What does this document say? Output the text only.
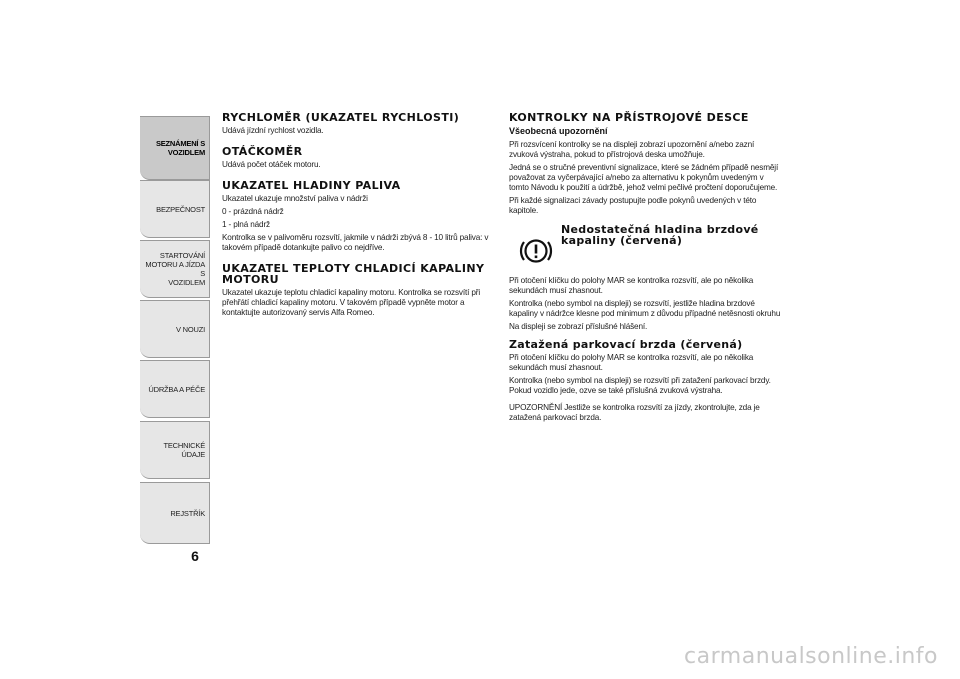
SEZNÁMENÍ S
VOZIDLEM
BEZPEČNOST
STARTOVÁNÍ
MOTORU A JÍZDA S
VOZIDLEM
V NOUZI
ÚDRŽBA A PÉČE
TECHNICKÉ ÚDAJE
REJSTŘÍK
6
RYCHLOMĚR (UKAZATEL RYCHLOSTI)

Udává jízdní rychlost vozidla.

OTÁČKOMĚR

Udává počet otáček motoru.

UKAZATEL HLADINY PALIVA

Ukazatel ukazuje množství paliva v nádrži

0 - prázdná nádrž

1 - plná nádrž

Kontrolka se v palivoměru rozsvítí, jakmile v nádrži zbývá 8 - 10 litrů paliva: v takovém případě dotankujte palivo co nejdříve.

UKAZATEL TEPLOTY CHLADICÍ KAPALINY MOTORU

Ukazatel ukazuje teplotu chladicí kapaliny motoru. Kontrolka se rozsvítí při přehřátí chladicí kapaliny motoru. V takovém případě vypněte motor a kontaktujte autorizovaný servis Alfa Romeo.

KONTROLKY NA PŘÍSTROJOVÉ DESCE
Všeobecná upozornění

Při rozsvícení kontrolky se na displeji zobrazí upozornění a/nebo zazní zvuková výstraha, pokud to přístrojová deska umožňuje.

Jedná se o stručné preventivní signalizace, které se žádném případě nesmějí považovat za vyčerpávající a/nebo za alternativu k pokynům uvedeným v tomto Návodu k použití a údržbě, jehož velmi pečlivé pročtení doporučujeme.

Při každé signalizaci závady postupujte podle pokynů uvedených v této kapitole.

Nedostatečná hladina brzdové kapaliny (červená)

Při otočení klíčku do polohy MAR se kontrolka rozsvítí, ale po několika sekundách musí zhasnout.

Kontrolka (nebo symbol na displeji) se rozsvítí, jestliže hladina brzdové kapaliny v nádržce klesne pod minimum z důvodu případné netěsnosti okruhu

Na displeji se zobrazí příslušné hlášení.

Zatažená parkovací brzda (červená)

Při otočení klíčku do polohy MAR se kontrolka rozsvítí, ale po několika sekundách musí zhasnout.

Kontrolka (nebo symbol na displeji) se rozsvítí při zatažení parkovací brzdy. Pokud vozidlo jede, ozve se také příslušná zvuková výstraha.

UPOZORNĚNÍ Jestliže se kontrolka rozsvítí za jízdy, zkontrolujte, zda je zatažená parkovací brzda.

carmanualsonline.info
